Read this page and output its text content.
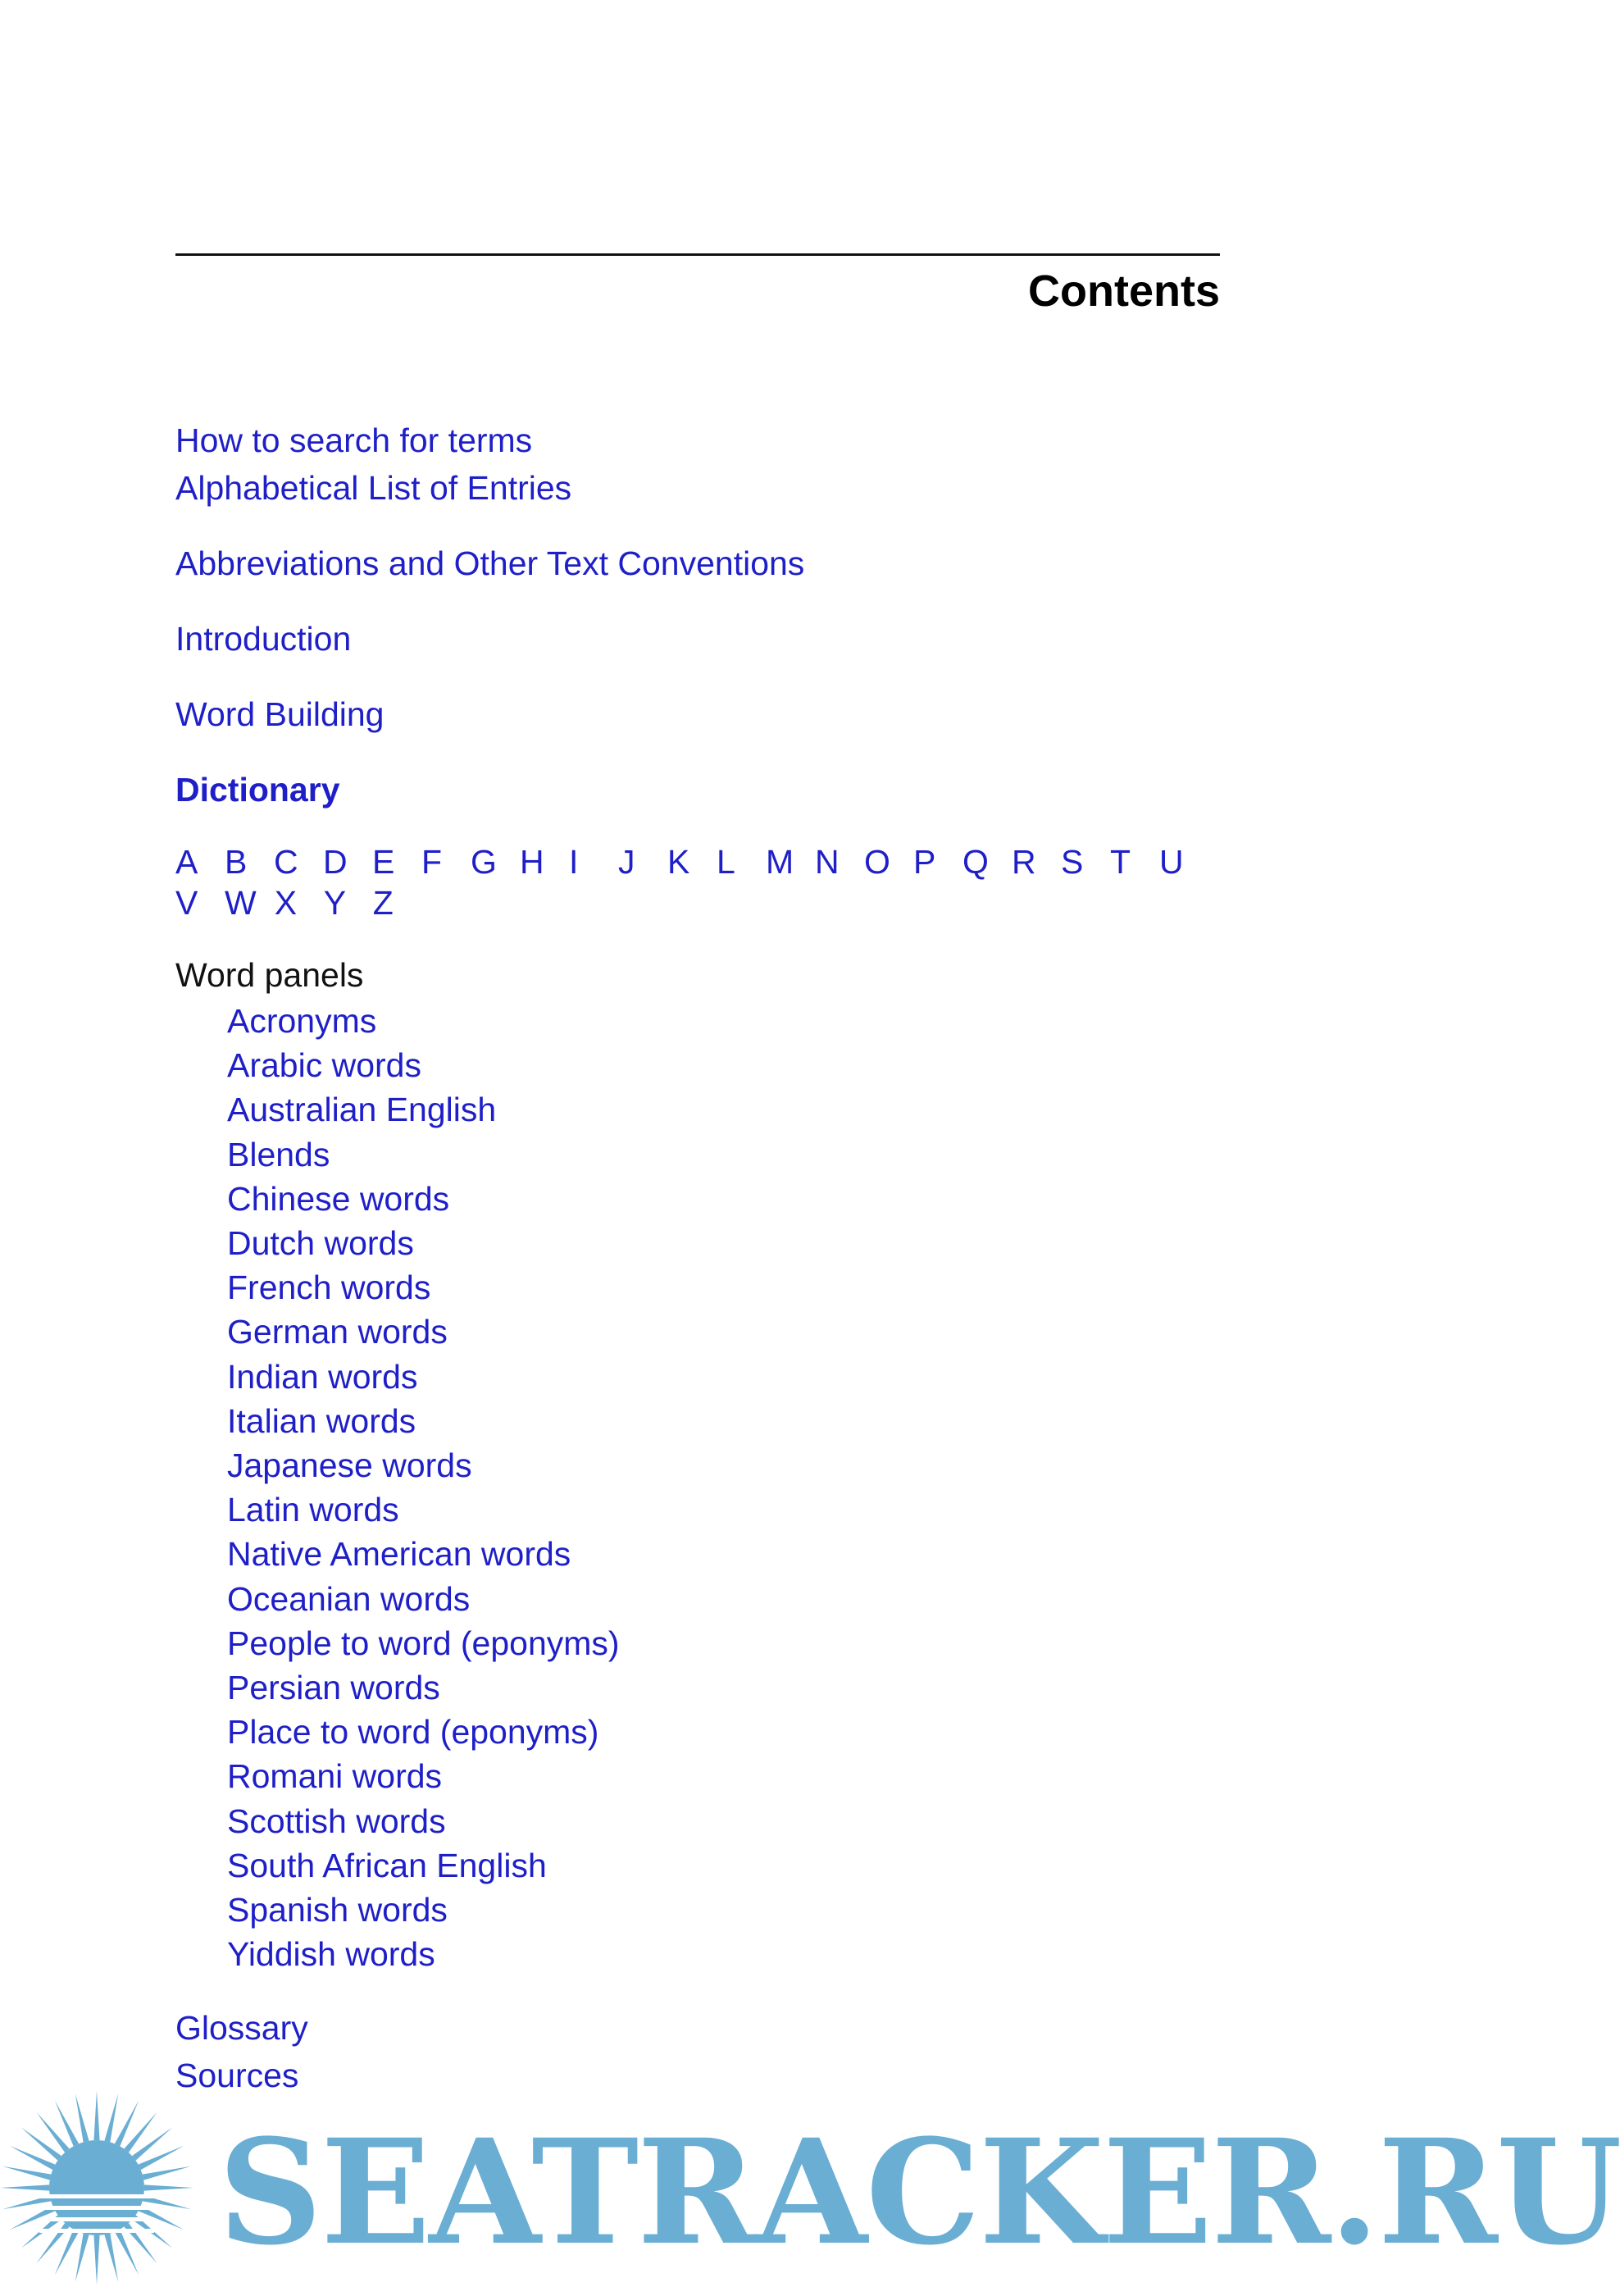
Contents
How to search for terms
Alphabetical List of Entries
Abbreviations and Other Text Conventions
Introduction
Word Building
Dictionary
A B C D E F G H I	J K L M N O P Q R S T U
V W X Y Z
Word panels
Acronyms
Arabic words
Australian English
Blends
Chinese words
Dutch words
French words
German words
Indian words
Italian words
Japanese words
Latin words
Native American words
Oceanian words
People to word (eponyms)
Persian words
Place to word (eponyms)
Romani words
Scottish words
South African English
Spanish words
Yiddish words
Glossary
Sources
SEATRACKER.RU
